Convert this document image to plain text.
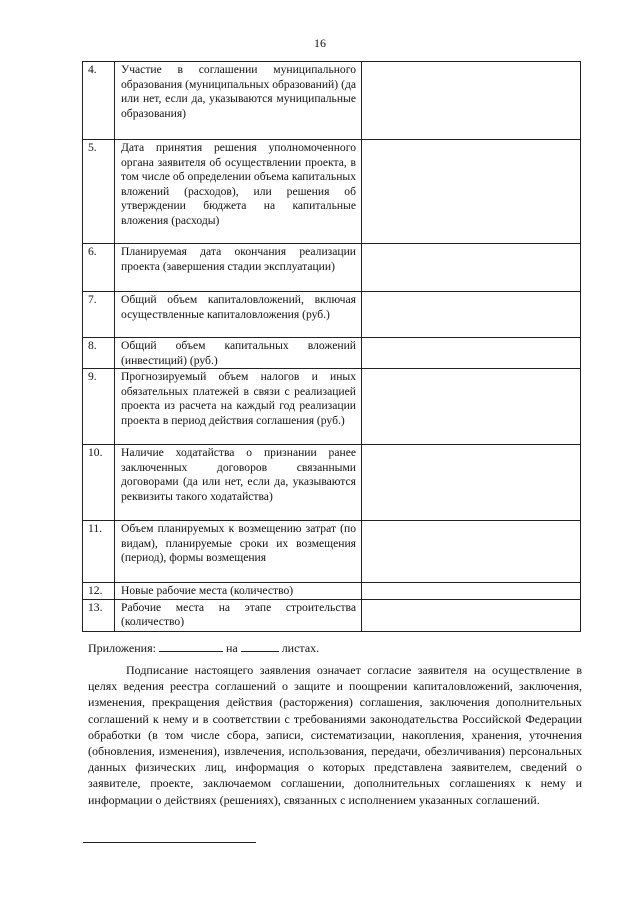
16
4.	Участие в соглашении муниципального образования (муниципальных образований) (да или нет, если да, указываются муниципальные образования)	
5.	Дата принятия решения уполномоченного органа заявителя об осуществлении проекта, в том числе об определении объема капитальных вложений (расходов), или решения об утверждении бюджета на капитальные вложения (расходы)	
6.	Планируемая дата окончания реализации проекта (завершения стадии эксплуатации)	
7.	Общий объем капиталовложений, включая осуществленные капиталовложения (руб.)	
8.	Общий объем капитальных вложений (инвестиций) (руб.)	
9.	Прогнозируемый объем налогов и иных обязательных платежей в связи с реализацией проекта из расчета на каждый год реализации проекта в период действия соглашения (руб.)	
10.	Наличие ходатайства о признании ранее заключенных договоров связанными договорами (да или нет, если да, указываются реквизиты такого ходатайства)	
11.	Объем планируемых к возмещению затрат (по видам), планируемые сроки их возмещения (период), формы возмещения	
12.	Новые рабочие места (количество)	
13.	Рабочие места на этапе строительства (количество)	
Приложения:	на	листах.

Подписание настоящего заявления означает согласие заявителя на осуществление в целях ведения реестра соглашений о защите и поощрении капиталовложений, заключения, изменения, прекращения действия (расторжения) соглашения, заключения дополнительных соглашений к нему и в соответствии с требованиями законодательства Российской Федерации обработки (в том числе сбора, записи, систематизации, накопления, хранения, уточнения (обновления, изменения), извлечения, использования, передачи, обезличивания) персональных данных физических лиц, информация о которых представлена заявителем, сведений о заявителе, проекте, заключаемом соглашении, дополнительных соглашениях к нему и информации о действиях (решениях), связанных с исполнением указанных соглашений.
